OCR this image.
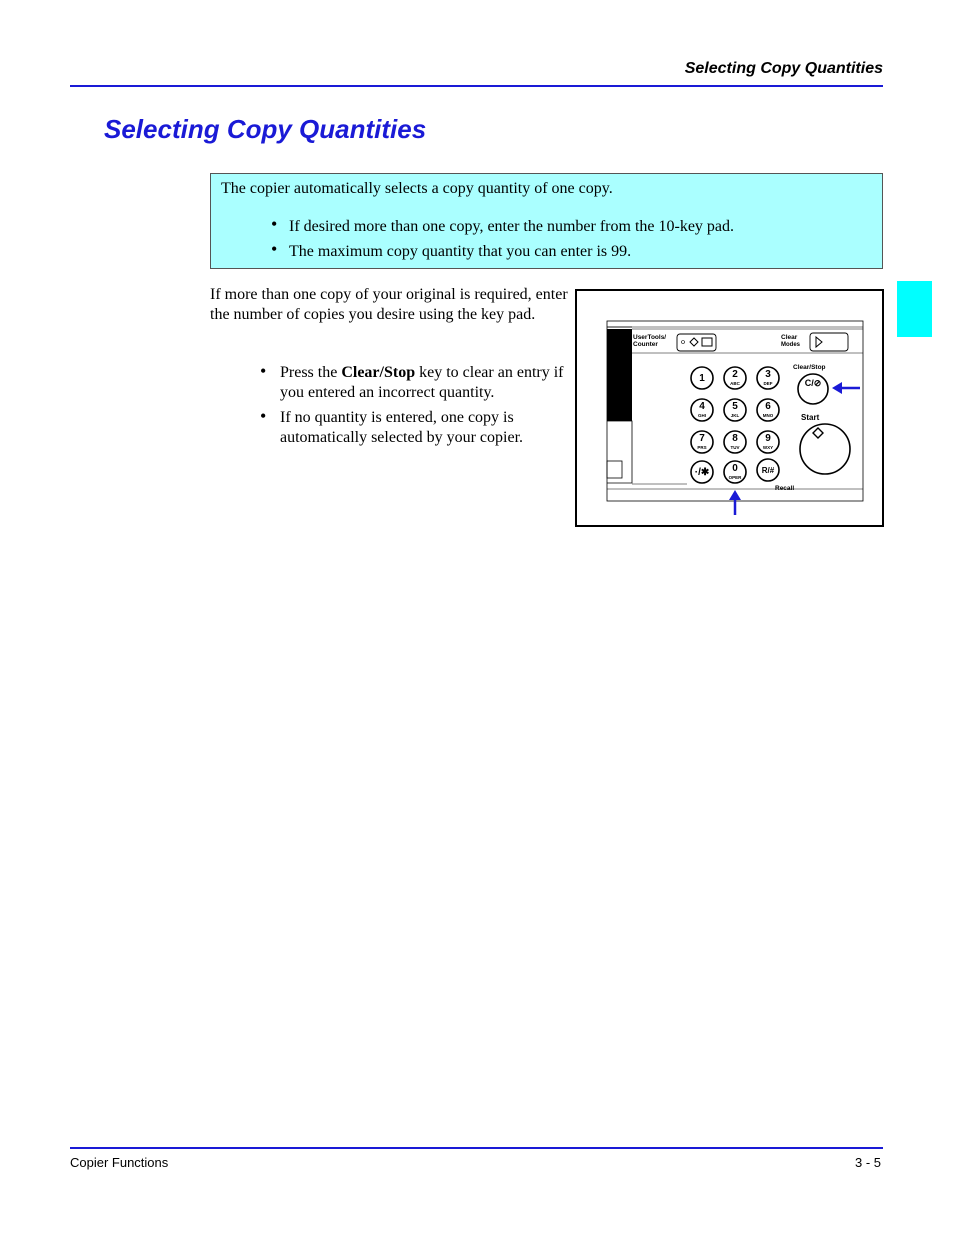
Selecting Copy Quantities
Selecting Copy Quantities
The copier automatically selects a copy quantity of one copy.
• If desired more than one copy, enter the number from the 10-key pad.
• The maximum copy quantity that you can enter is 99.

If more than one copy of your original is required, enter the number of copies you desire using the key pad.

• Press the Clear/Stop key to clear an entry if you entered an incorrect quantity.
• If no quantity is entered, one copy is automatically selected by your copier.
UserTools/
Counter
Clear
Modes
1	2
ABC
3
DEF
4
GHI
5
JKL
6
MNO
7
PRS
8
TUV
9
WXY
·/✱ 0
OPER
Clear/Stop
C/⊘
Start
R/#
Recall
Copier Functions	3 - 5
